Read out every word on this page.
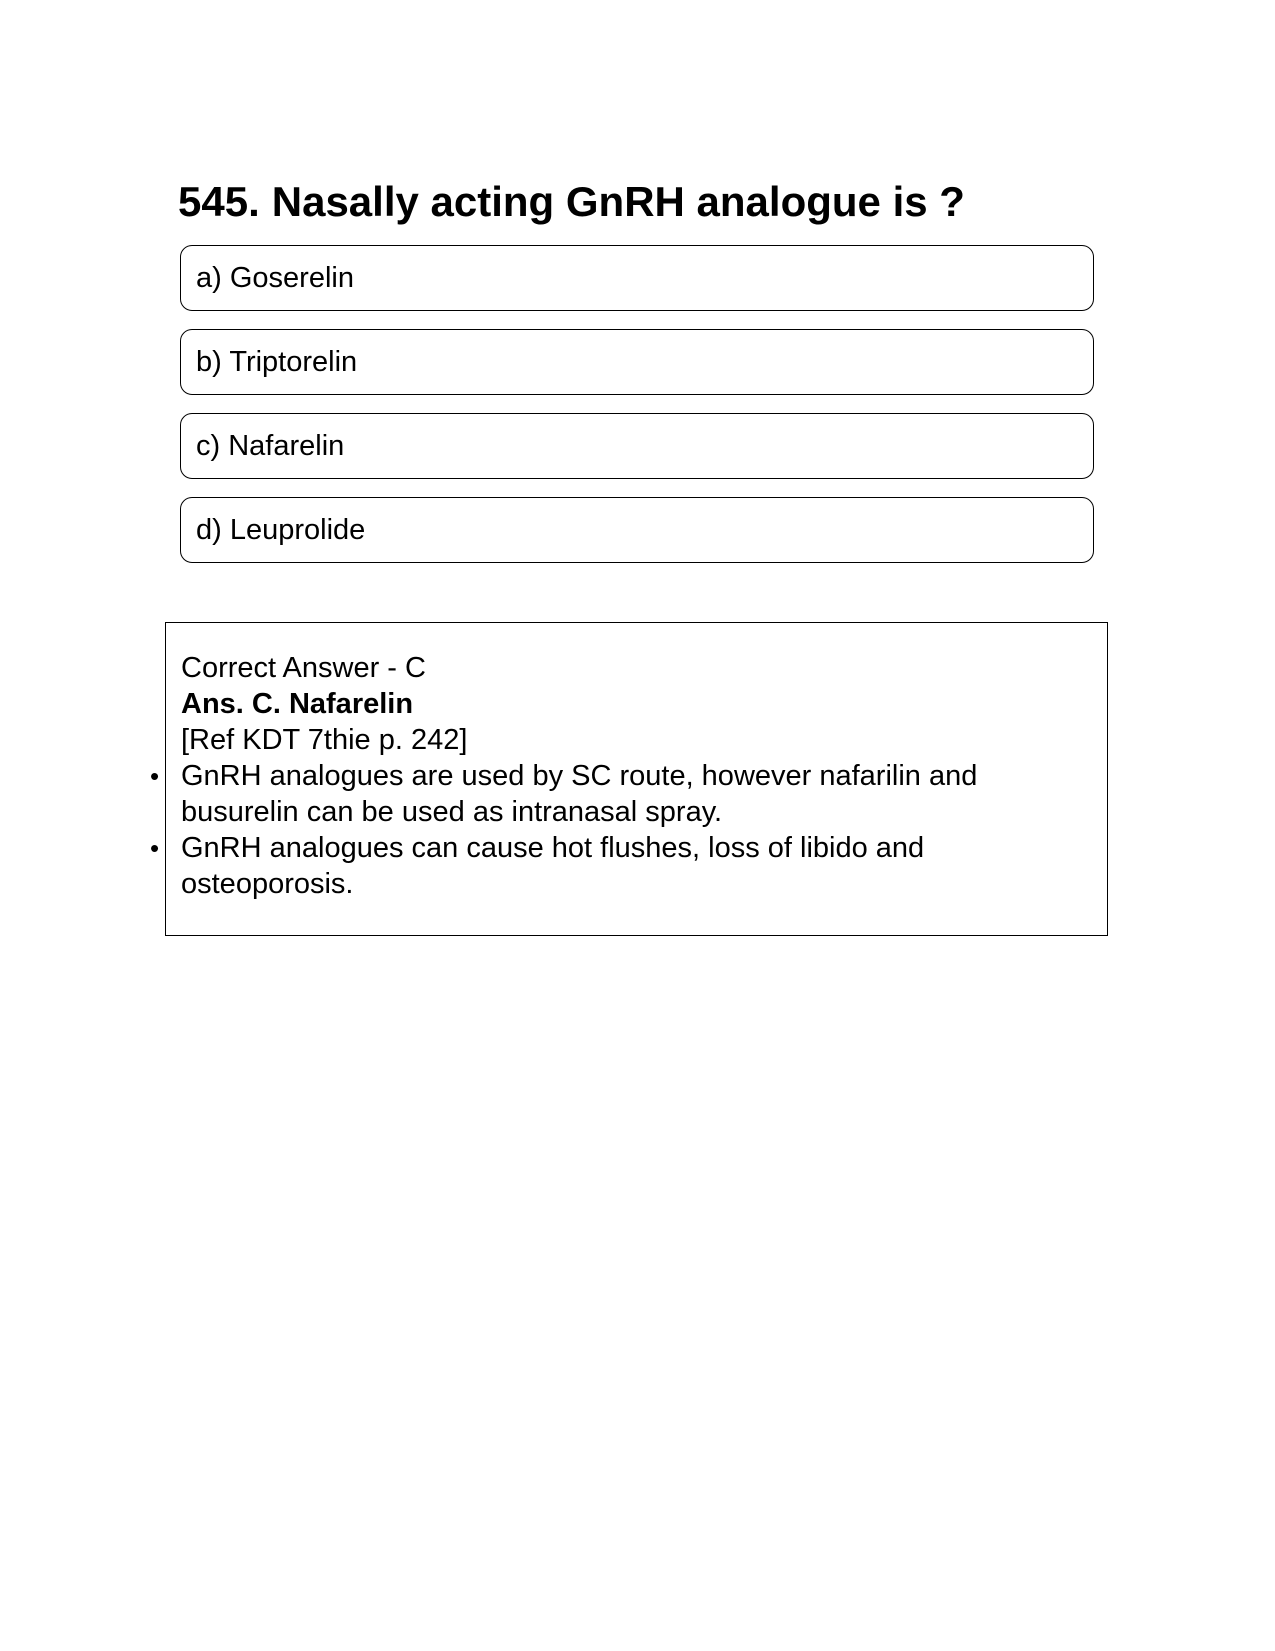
545. Nasally acting GnRH analogue is ?
a) Goserelin
b) Triptorelin
c) Nafarelin
d) Leuprolide

Correct Answer - C

Ans. C. Nafarelin

[Ref KDT 7thie p. 242]

• GnRH analogues are used by SC route, however nafarilin and busurelin can be used as intranasal spray.
• GnRH analogues can cause hot flushes, loss of libido and osteoporosis.
